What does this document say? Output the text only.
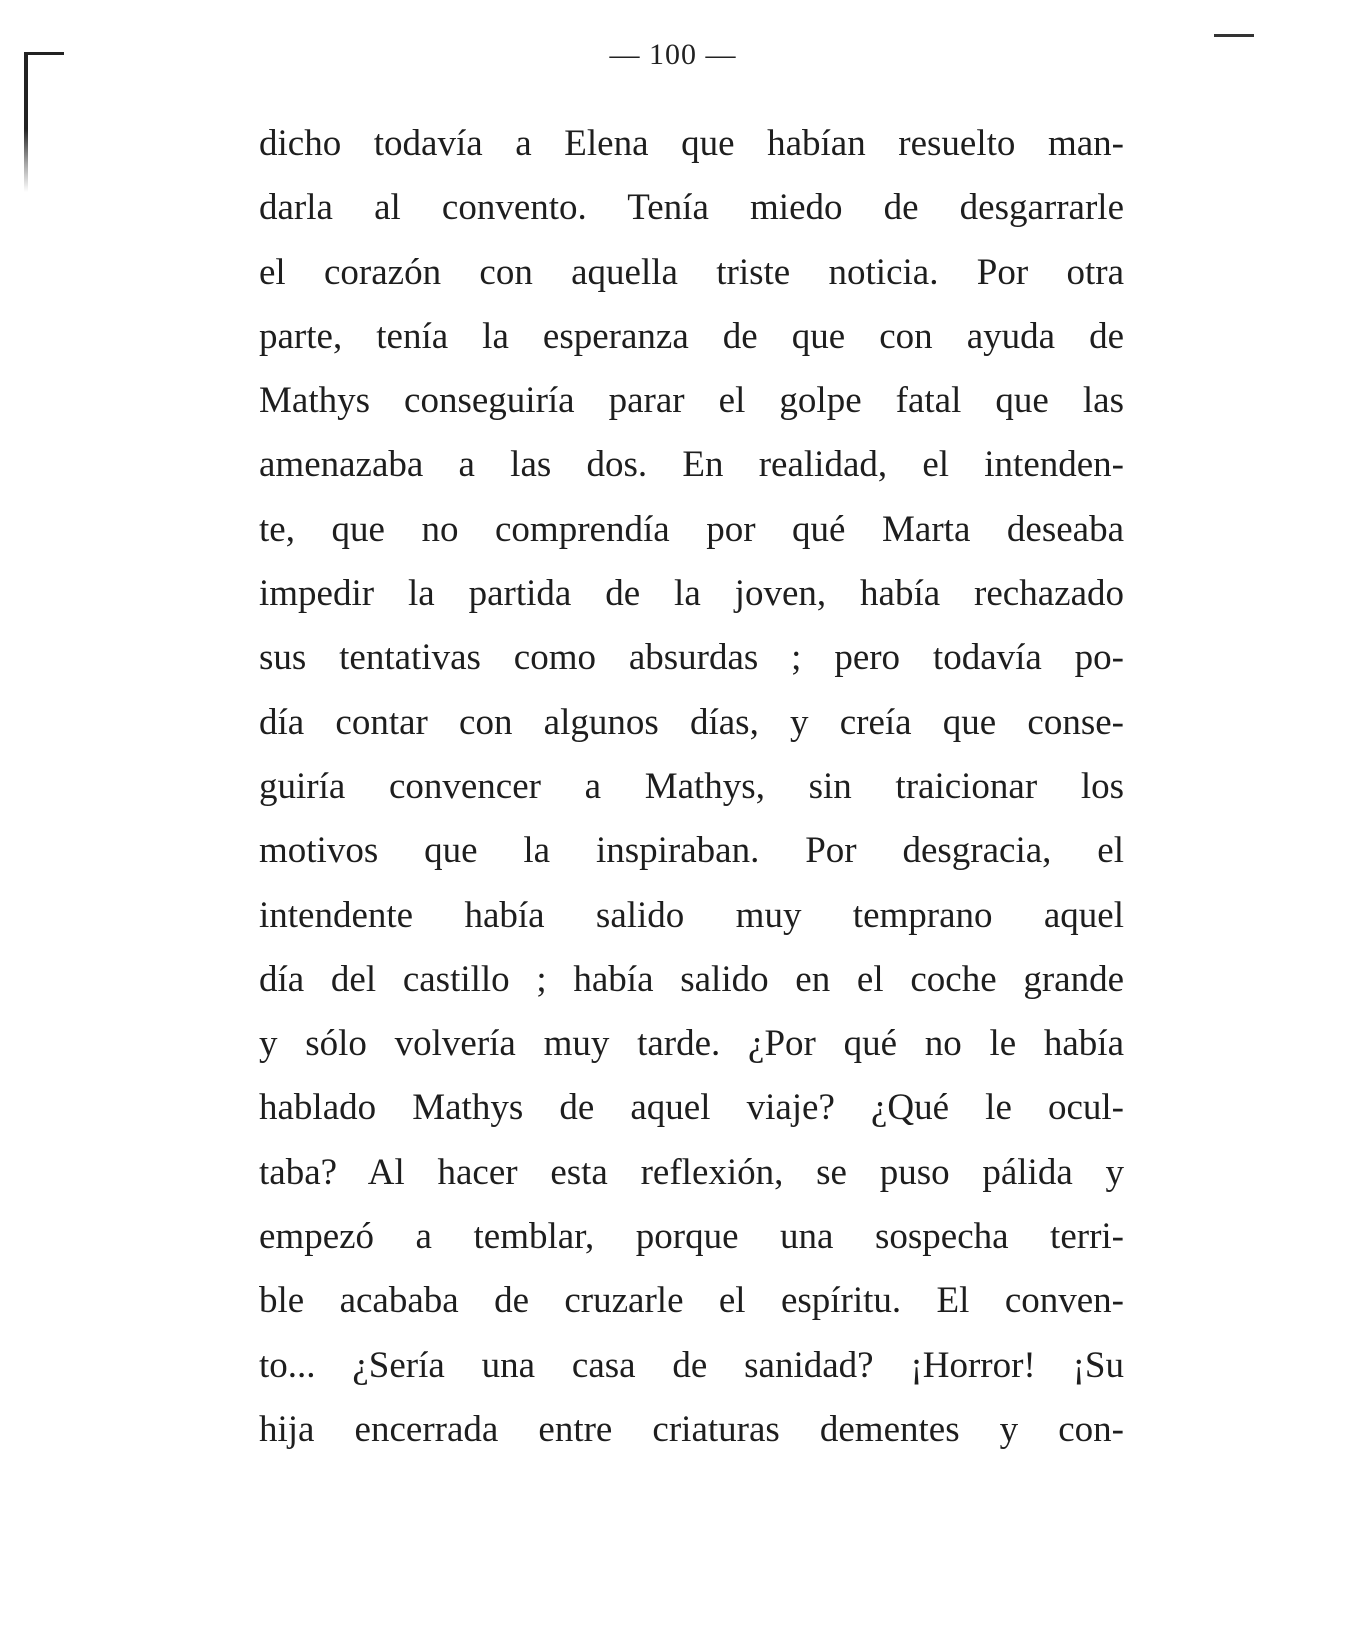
— 100 —
dicho todavía a Elena que habían resuelto man-
darla al convento. Tenía miedo de desgarrarle
el corazón con aquella triste noticia. Por otra
parte, tenía la esperanza de que con ayuda de
Mathys conseguiría parar el golpe fatal que las
amenazaba a las dos. En realidad, el intenden-
te, que no comprendía por qué Marta deseaba
impedir la partida de la joven, había rechazado
sus tentativas como absurdas ; pero todavía po-
día contar con algunos días, y creía que conse-
guiría convencer a Mathys, sin traicionar los
motivos que la inspiraban. Por desgracia, el
intendente había salido muy temprano aquel
día del castillo ; había salido en el coche grande
y sólo volvería muy tarde. ¿Por qué no le había
hablado Mathys de aquel viaje? ¿Qué le ocul-
taba? Al hacer esta reflexión, se puso pálida y
empezó a temblar, porque una sospecha terri-
ble acababa de cruzarle el espíritu. El conven-
to... ¿Sería una casa de sanidad? ¡Horror! ¡Su
hija encerrada entre criaturas dementes y con-
